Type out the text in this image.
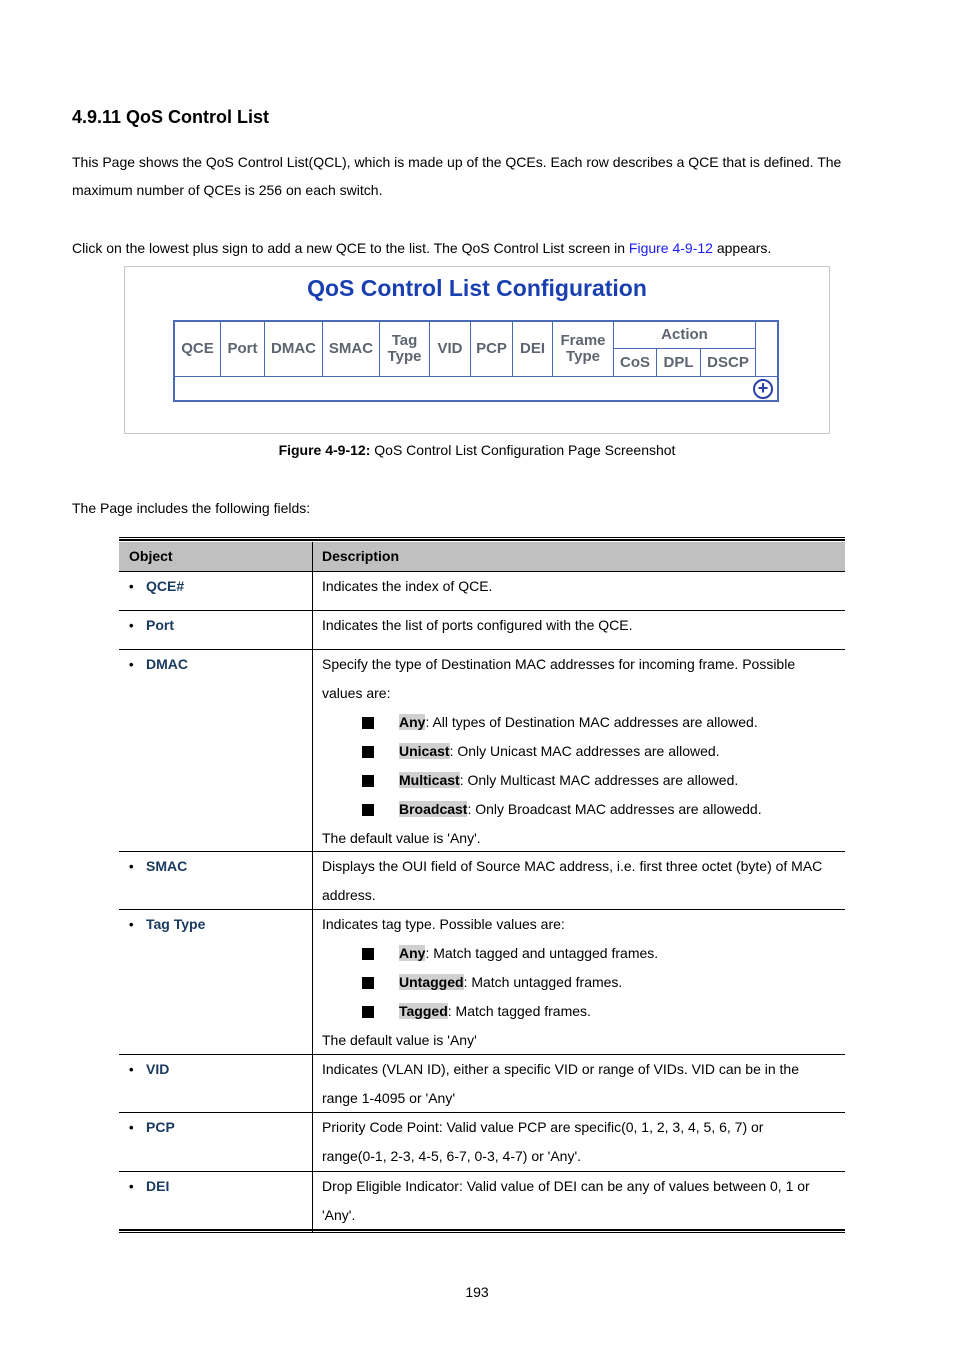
4.9.11 QoS Control List
This Page shows the QoS Control List(QCL), which is made up of the QCEs. Each row describes a QCE that is defined. The
maximum number of QCEs is 256 on each switch.
Click on the lowest plus sign to add a new QCE to the list. The QoS Control List screen in Figure 4-9-12 appears.
QoS Control List Configuration
QCE Port DMAC SMAC	Tag Type	VID PCP DEI	Frame Type
Action
CoS DPL DSCP
+
Figure 4-9-12: QoS Control List Configuration Page Screenshot
The Page includes the following fields:
Object	Description
• QCE#	Indicates the index of QCE.
• Port	Indicates the list of ports configured with the QCE.
• DMAC	Specify the type of Destination MAC addresses for incoming frame. Possible
values are:
Any: All types of Destination MAC addresses are allowed.
Unicast: Only Unicast MAC addresses are allowed.
Multicast: Only Multicast MAC addresses are allowed.
Broadcast: Only Broadcast MAC addresses are allowedd.
The default value is 'Any'.
• SMAC	Displays the OUI field of Source MAC address, i.e. first three octet (byte) of MAC
address.
• Tag Type	Indicates tag type. Possible values are:
Any: Match tagged and untagged frames.
Untagged: Match untagged frames.
Tagged: Match tagged frames.
The default value is 'Any'
• VID	Indicates (VLAN ID), either a specific VID or range of VIDs. VID can be in the
range 1-4095 or 'Any'
• PCP	Priority Code Point: Valid value PCP are specific(0, 1, 2, 3, 4, 5, 6, 7) or
range(0-1, 2-3, 4-5, 6-7, 0-3, 4-7) or 'Any'.
• DEI	Drop Eligible Indicator: Valid value of DEI can be any of values between 0, 1 or
'Any'.
193
